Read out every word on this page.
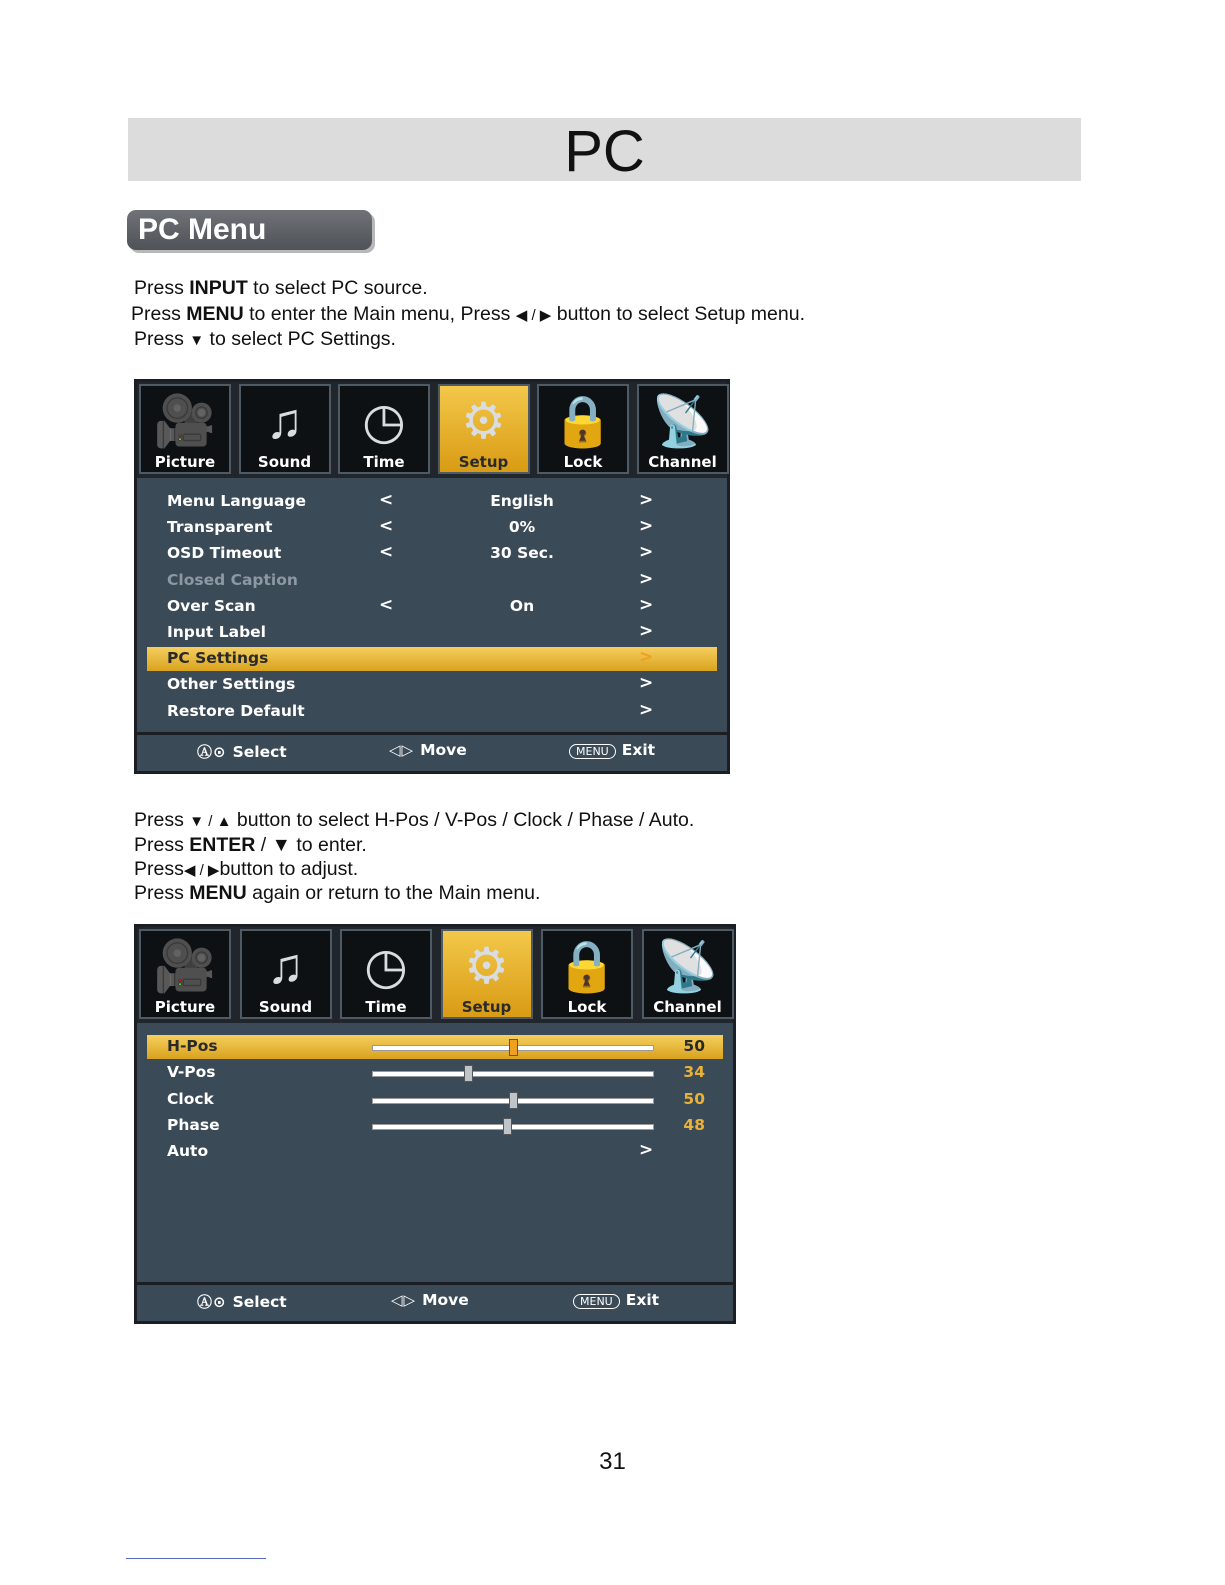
PC
PC Menu
Press INPUT to select PC source.
Press MENU to enter the Main menu, Press ◀ / ▶ button to select Setup menu.
Press ▼ to select PC Settings.
🎥
Picture
♫
Sound
◷
Time
⚙
Setup
🔒
Lock
📡
Channel
Menu Language	<	English	>
Transparent	<	0%	>
OSD Timeout	<	30 Sec.	>
Closed Caption	>
Over Scan	<	On	>
Input Label	>
PC Settings	>
Other Settings	>
Restore Default	>
Ⓐ⊙ Select	◁▷ Move	MENU Exit
Press ▼ / ▲ button to select H-Pos / V-Pos / Clock / Phase / Auto.
Press ENTER / ▼ to enter.
Press◀ / ▶button to adjust.
Press MENU again or return to the Main menu.
🎥
Picture
♫
Sound
◷
Time
⚙
Setup
🔒
Lock
📡
Channel
H-Pos	50
V-Pos	34
Clock	50
Phase	48
Auto	>
Ⓐ⊙ Select	◁▷ Move	MENU Exit
31
